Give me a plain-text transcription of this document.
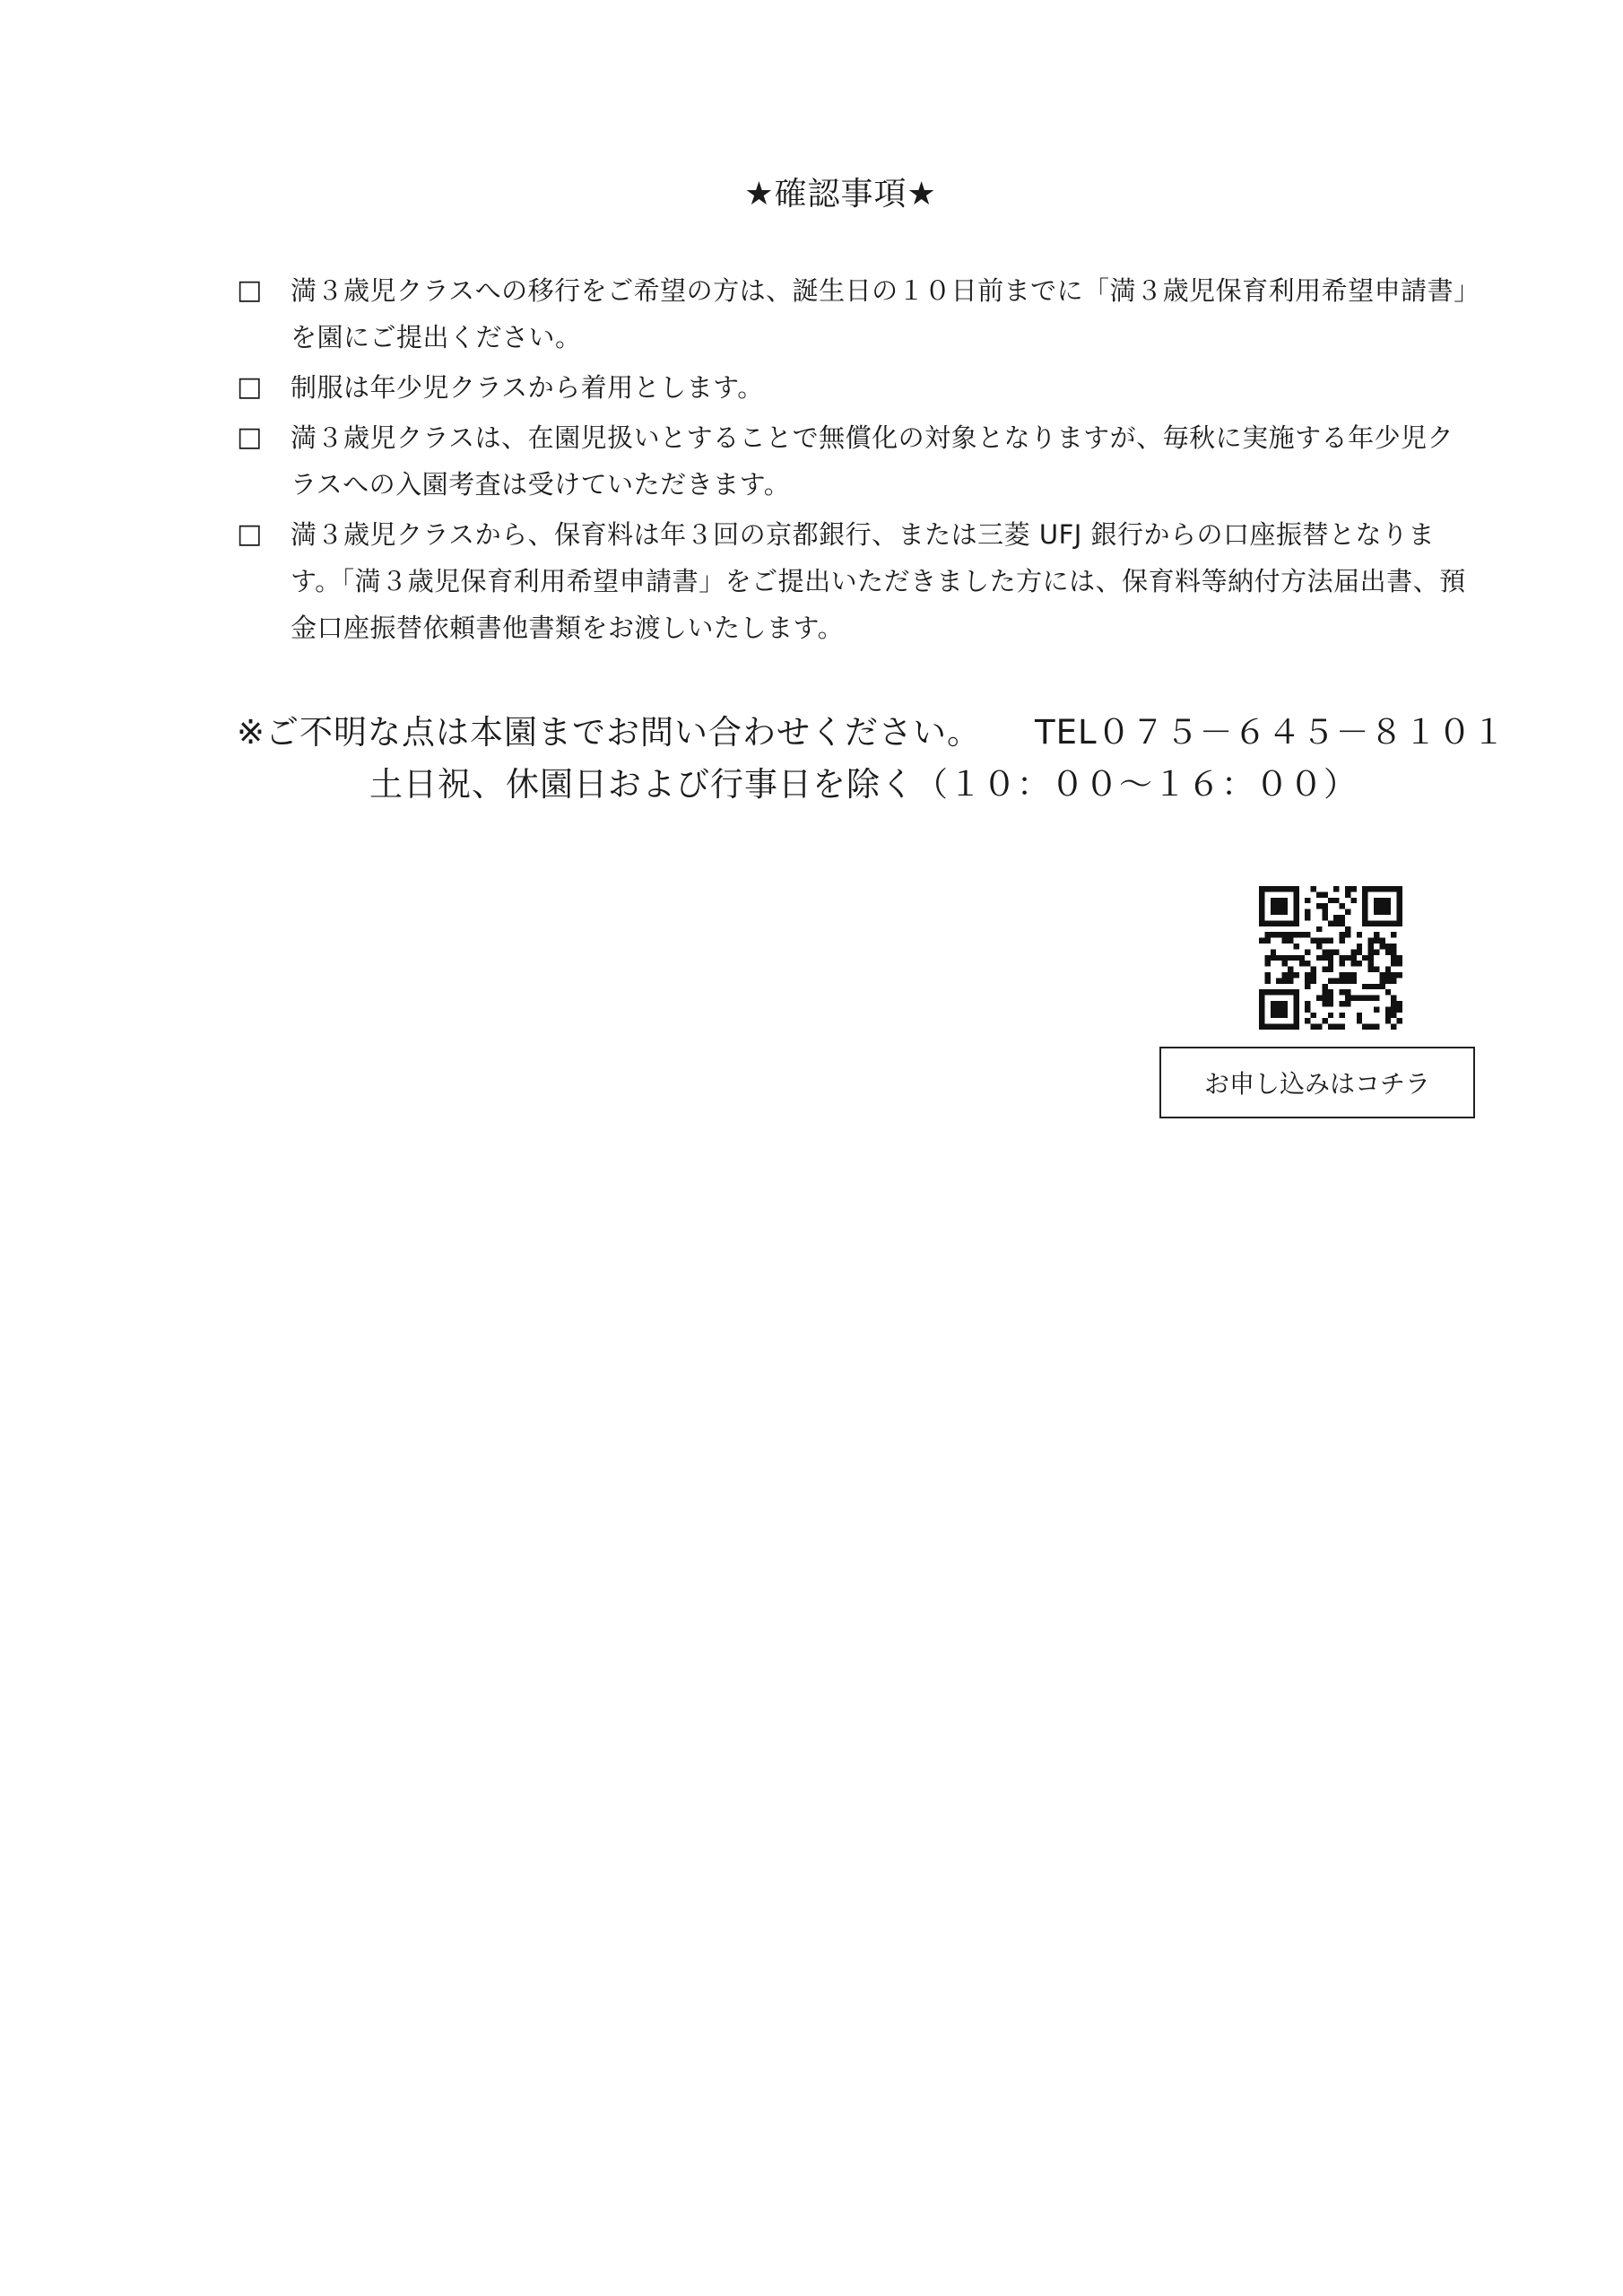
★確認事項★
□	満３歳児クラスへの移行をご希望の方は、誕生日の１０日前までに「満３歳児保育利用希望申請書」を園にご提出ください。
□	制服は年少児クラスから着用とします。
□	満３歳児クラスは、在園児扱いとすることで無償化の対象となりますが、毎秋に実施する年少児クラスへの入園考査は受けていただきます。
□	満３歳児クラスから、保育料は年３回の京都銀行、または三菱 UFJ 銀行からの口座振替となります。「満３歳児保育利用希望申請書」をご提出いただきました方には、保育料等納付方法届出書、預金口座振替依頼書他書類をお渡しいたします。
※ご不明な点は本園までお問い合わせください。 TEL０７５－６４５－８１０１
土日祝、休園日および行事日を除く（１０：００～１６：００）
お申し込みはコチラ
